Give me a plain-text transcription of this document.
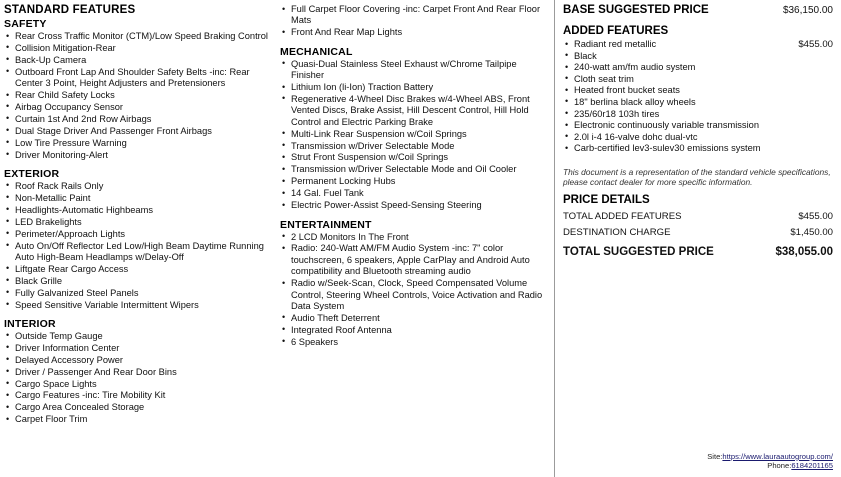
STANDARD FEATURES
SAFETY
• Rear Cross Traffic Monitor (CTM)/Low Speed Braking Control
• Collision Mitigation-Rear
• Back-Up Camera
• Outboard Front Lap And Shoulder Safety Belts -inc: Rear Center 3 Point, Height Adjusters and Pretensioners
• Rear Child Safety Locks
• Airbag Occupancy Sensor
• Curtain 1st And 2nd Row Airbags
• Dual Stage Driver And Passenger Front Airbags
• Low Tire Pressure Warning
• Driver Monitoring-Alert
EXTERIOR
• Roof Rack Rails Only
• Non-Metallic Paint
• Headlights-Automatic Highbeams
• LED Brakelights
• Perimeter/Approach Lights
• Auto On/Off Reflector Led Low/High Beam Daytime Running Auto High-Beam Headlamps w/Delay-Off
• Liftgate Rear Cargo Access
• Black Grille
• Fully Galvanized Steel Panels
• Speed Sensitive Variable Intermittent Wipers
INTERIOR
• Outside Temp Gauge
• Driver Information Center
• Delayed Accessory Power
• Driver / Passenger And Rear Door Bins
• Cargo Space Lights
• Cargo Features -inc: Tire Mobility Kit
• Cargo Area Concealed Storage
• Carpet Floor Trim
• Full Carpet Floor Covering -inc: Carpet Front And Rear Floor Mats
• Front And Rear Map Lights
MECHANICAL
• Quasi-Dual Stainless Steel Exhaust w/Chrome Tailpipe Finisher
• Lithium Ion (li-Ion) Traction Battery
• Regenerative 4-Wheel Disc Brakes w/4-Wheel ABS, Front Vented Discs, Brake Assist, Hill Descent Control, Hill Hold Control and Electric Parking Brake
• Multi-Link Rear Suspension w/Coil Springs
• Transmission w/Driver Selectable Mode
• Strut Front Suspension w/Coil Springs
• Transmission w/Driver Selectable Mode and Oil Cooler
• Permanent Locking Hubs
• 14 Gal. Fuel Tank
• Electric Power-Assist Speed-Sensing Steering
ENTERTAINMENT
• 2 LCD Monitors In The Front
• Radio: 240-Watt AM/FM Audio System -inc: 7" color touchscreen, 6 speakers, Apple CarPlay and Android Auto compatibility and Bluetooth streaming audio
• Radio w/Seek-Scan, Clock, Speed Compensated Volume Control, Steering Wheel Controls, Voice Activation and Radio Data System
• Audio Theft Deterrent
• Integrated Roof Antenna
• 6 Speakers
BASE SUGGESTED PRICE	$36,150.00
ADDED FEATURES
• Radiant red metallic	$455.00
• Black
• 240-watt am/fm audio system
• Cloth seat trim
• Heated front bucket seats
• 18" berlina black alloy wheels
• 235/60r18 103h tires
• Electronic continuously variable transmission
• 2.0l i-4 16-valve dohc dual-vtc
• Carb-certified lev3-sulev30 emissions system

This document is a representation of the standard vehicle specifications, please contact dealer for more specific information.

PRICE DETAILS
TOTAL ADDED FEATURES	$455.00
DESTINATION CHARGE	$1,450.00
TOTAL SUGGESTED PRICE	$38,055.00
Site:https://www.lauraautogroup.com/
Phone:6184201165
